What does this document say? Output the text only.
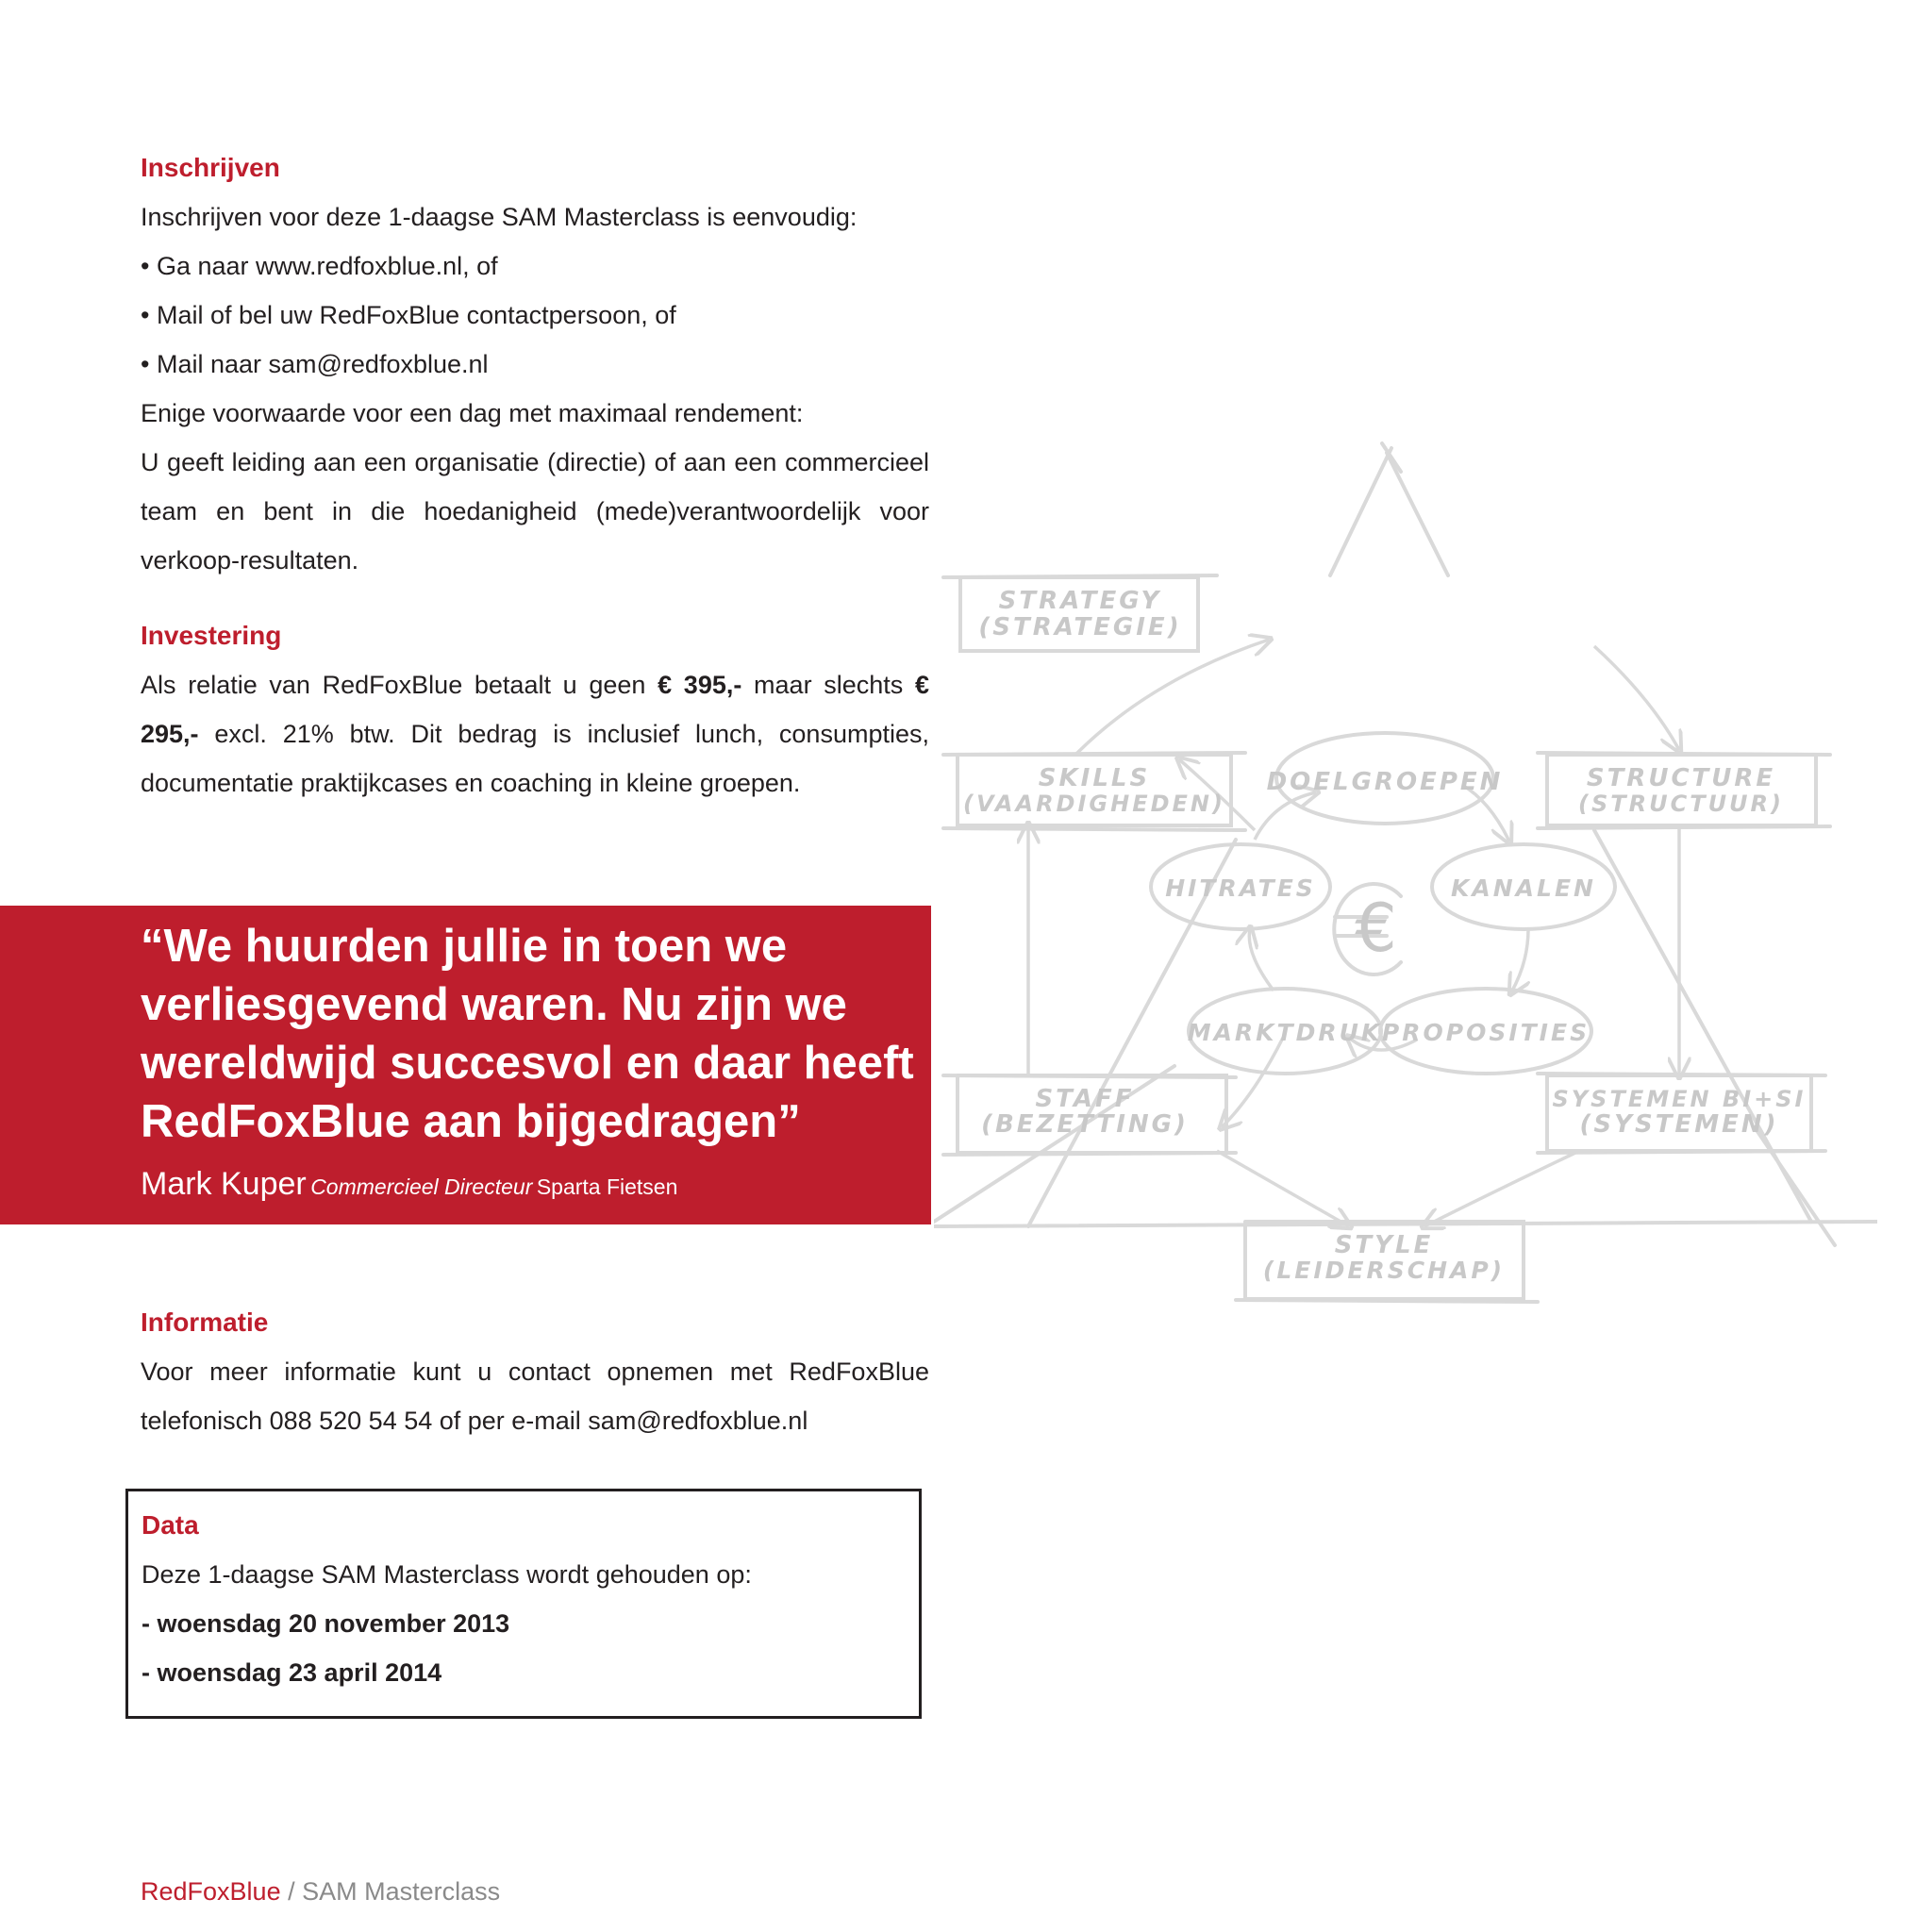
Inschrijven

Inschrijven voor deze 1-daagse SAM Masterclass is eenvoudig:

• Ga naar www.redfoxblue.nl, of

• Mail of bel uw RedFoxBlue contactpersoon, of

• Mail naar sam@redfoxblue.nl

Enige voorwaarde voor een dag met maximaal rendement:

U geeft leiding aan een organisatie (directie) of aan een commercieel team en bent in die hoedanigheid (mede)verantwoordelijk voor verkoop-resultaten.

Investering

Als relatie van RedFoxBlue betaalt u geen € 395,- maar slechts € 295,- excl. 21% btw. Dit bedrag is inclusief lunch, consumpties, documentatie praktijkcases en coaching in kleine groepen.

“We huurden jullie in toen we verliesgevend waren. Nu zijn we wereldwijd succesvol en daar heeft RedFoxBlue aan bijgedragen”

Mark Kuper Commercieel Directeur Sparta Fietsen

Informatie

Voor meer informatie kunt u contact opnemen met RedFoxBlue telefonisch 088 520 54 54 of per e-mail sam@redfoxblue.nl

Data

Deze 1-daagse SAM Masterclass wordt gehouden op:

- woensdag 20 november 2013

- woensdag 23 april 2014

STRATEGY
(STRATEGIE)
SKILLS
(VAARDIGHEDEN)
DOELGROEPEN	STRUCTURE
(STRUCTUUR)
HITRATES	KANALEN
MARKTDRUK PROPOSITIES
STAFF
(BEZETTING)
SYSTEMEN BI+SI
(SYSTEMEN)
STYLE
(LEIDERSCHAP)
€

RedFoxBlue / SAM Masterclass
